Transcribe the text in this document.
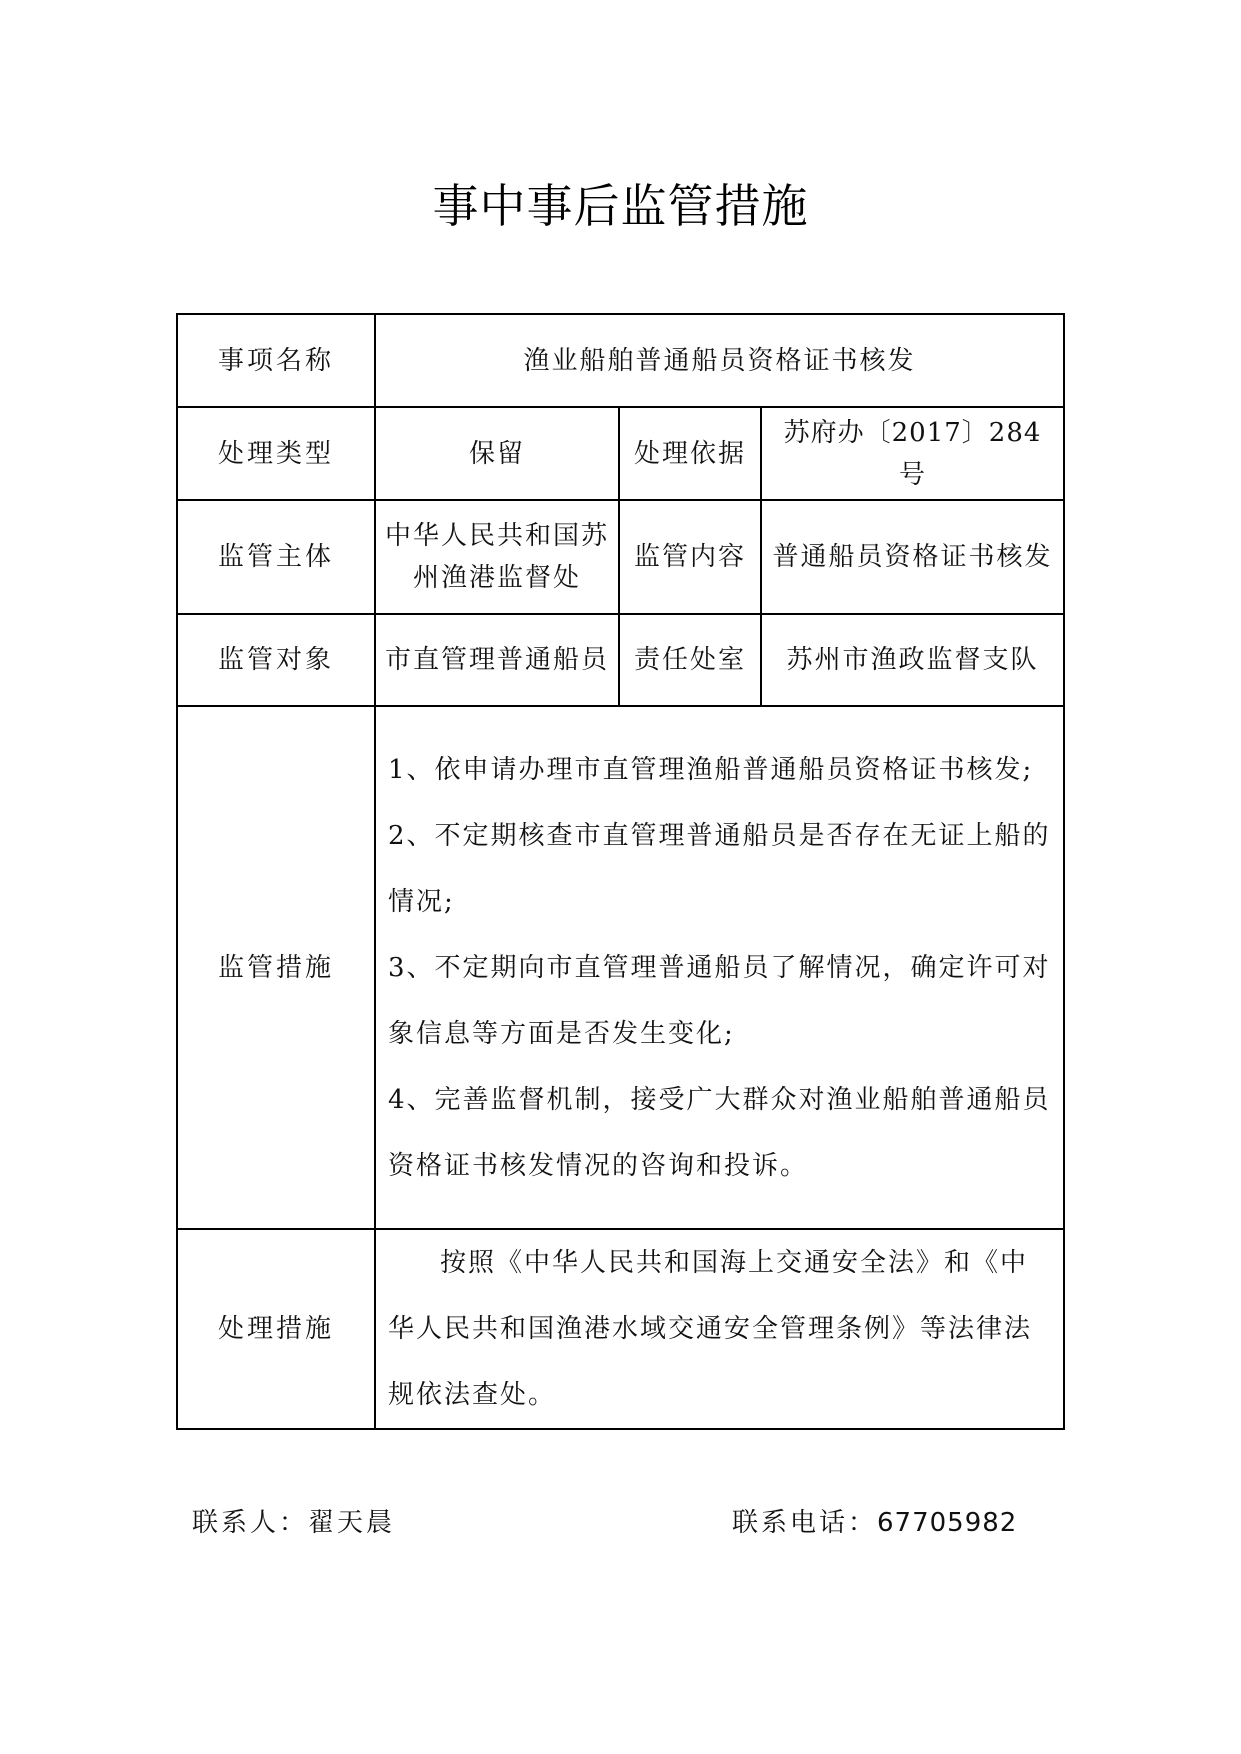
事中事后监管措施
事项名称	渔业船舶普通船员资格证书核发		
处理类型	保留	处理依据	苏府办〔2017〕284 号
监管主体	中华人民共和国苏州渔港监督处	监管内容	普通船员资格证书核发
监管对象	市直管理普通船员	责任处室	苏州市渔政监督支队
监管措施	1、依申请办理市直管理渔船普通船员资格证书核发;
2、不定期核查市直管理普通船员是否存在无证上船的情况;
3、不定期向市直管理普通船员了解情况，确定许可对象信息等方面是否发生变化;
4、完善监督机制，接受广大群众对渔业船舶普通船员资格证书核发情况的咨询和投诉。		

处理措施	按照《中华人民共和国海上交通安全法》和《中华人民共和国渔港水域交通安全管理条例》等法律法规依法查处。		
联系人：翟天晨	联系电话：67705982
